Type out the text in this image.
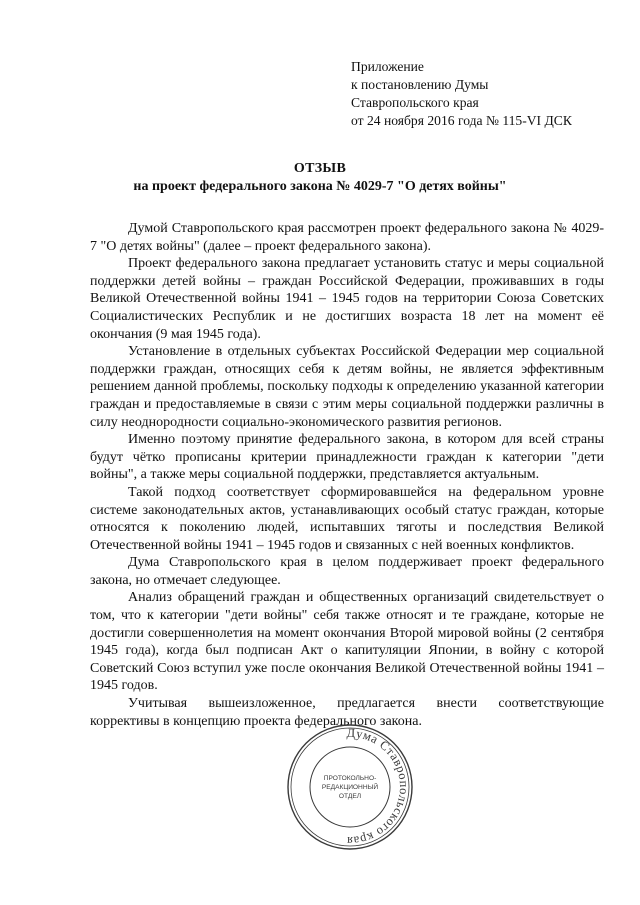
Приложение
к постановлению Думы
Ставропольского края
от 24 ноября 2016 года № 115-VI ДСК
ОТЗЫВ
на проект федерального закона № 4029-7 "О детях войны"

Думой Ставропольского края рассмотрен проект федерального закона № 4029-7 "О детях войны" (далее – проект федерального закона).

Проект федерального закона предлагает установить статус и меры социальной поддержки детей войны – граждан Российской Федерации, проживавших в годы Великой Отечественной войны 1941 – 1945 годов на территории Союза Советских Социалистических Республик и не достигших возраста 18 лет на момент её окончания (9 мая 1945 года).

Установление в отдельных субъектах Российской Федерации мер социальной поддержки граждан, относящих себя к детям войны, не является эффективным решением данной проблемы, поскольку подходы к определению указанной категории граждан и предоставляемые в связи с этим меры социальной поддержки различны в силу неоднородности социально-экономического развития регионов.

Именно поэтому принятие федерального закона, в котором для всей страны будут чётко прописаны критерии принадлежности граждан к категории "дети войны", а также меры социальной поддержки, представляется актуальным.

Такой подход соответствует сформировавшейся на федеральном уровне системе законодательных актов, устанавливающих особый статус граждан, которые относятся к поколению людей, испытавших тяготы и последствия Великой Отечественной войны 1941 – 1945 годов и связанных с ней военных конфликтов.

Дума Ставропольского края в целом поддерживает проект федерального закона, но отмечает следующее.

Анализ обращений граждан и общественных организаций свидетельствует о том, что к категории "дети войны" себя также относят и те граждане, которые не достигли совершеннолетия на момент окончания Второй мировой войны (2 сентября 1945 года), когда был подписан Акт о капитуляции Японии, в войну с которой Советский Союз вступил уже после окончания Великой Отечественной войны 1941 – 1945 годов.

Учитывая вышеизложенное, предлагается внести соответствующие коррективы в концепцию проекта федерального закона.

Дума Ставропольского края
ПРОТОКОЛЬНО-
РЕДАКЦИОННЫЙ
ОТДЕЛ
